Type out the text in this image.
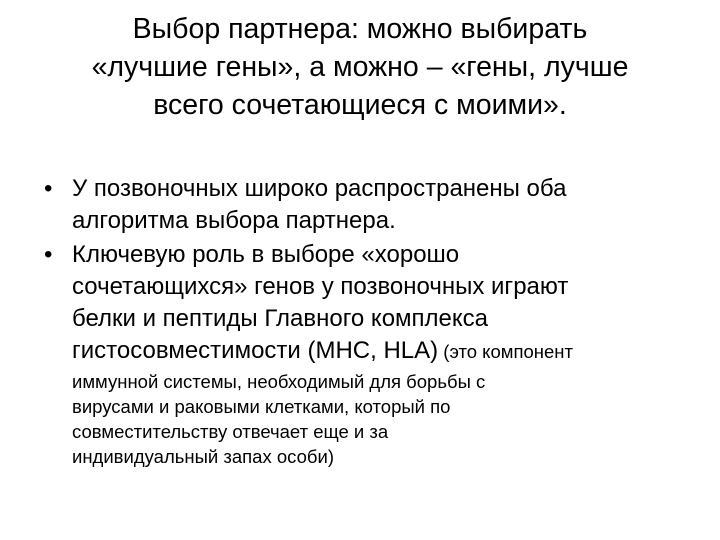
Выбор партнера: можно выбирать
«лучшие гены», а можно – «гены, лучше
всего сочетающиеся с моими».
• У позвоночных широко распространены оба
алгоритма выбора партнера.
• Ключевую роль в выборе «хорошо
сочетающихся» генов у позвоночных играют
белки и пептиды Главного комплекса
гистосовместимости (MHC, HLA) (это компонент
иммунной системы, необходимый для борьбы с
вирусами и раковыми клетками, который по
совместительству отвечает еще и за
индивидуальный запах особи)
